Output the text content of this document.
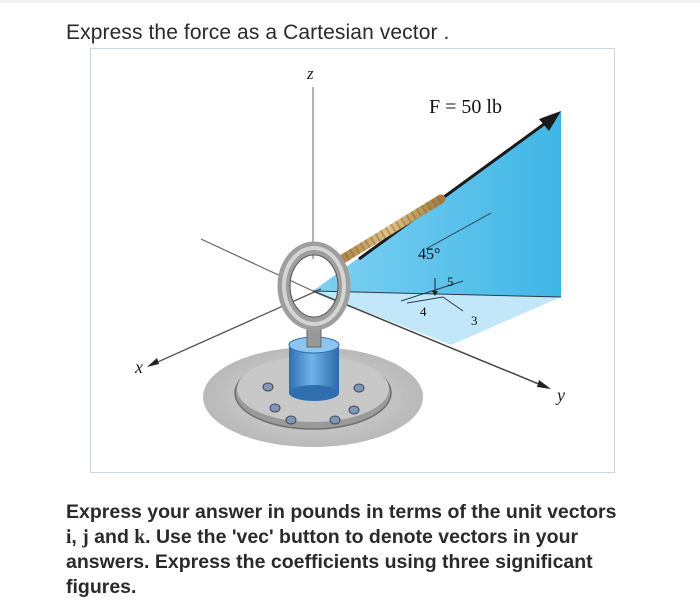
Express the force as a Cartesian vector .
z
x
y
F = 50 lb
45°
5
4
3
Express your answer in pounds in terms of the unit vectors i, j and k. Use the 'vec' button to denote vectors in your answers. Express the coefficients using three significant figures.
